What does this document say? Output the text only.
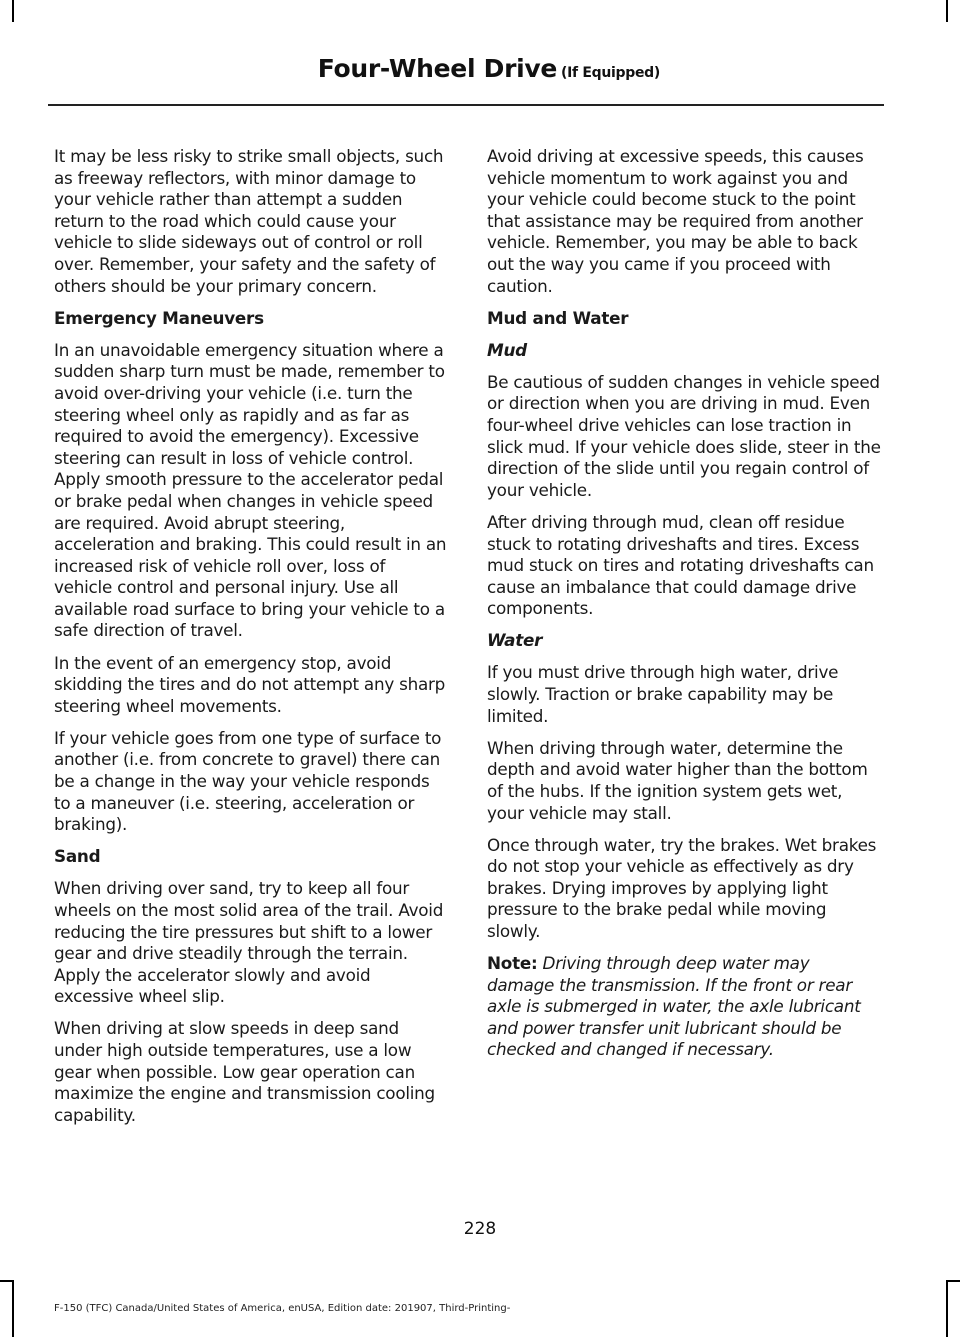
Four-Wheel Drive (If Equipped)

It may be less risky to strike small objects, such as freeway reflectors, with minor damage to your vehicle rather than attempt a sudden return to the road which could cause your vehicle to slide sideways out of control or roll over. Remember, your safety and the safety of others should be your primary concern.

Emergency Maneuvers

In an unavoidable emergency situation where a sudden sharp turn must be made, remember to avoid over-driving your vehicle (i.e. turn the steering wheel only as rapidly and as far as required to avoid the emergency). Excessive steering can result in loss of vehicle control. Apply smooth pressure to the accelerator pedal or brake pedal when changes in vehicle speed are required. Avoid abrupt steering, acceleration and braking. This could result in an increased risk of vehicle roll over, loss of vehicle control and personal injury. Use all available road surface to bring your vehicle to a safe direction of travel.

In the event of an emergency stop, avoid skidding the tires and do not attempt any sharp steering wheel movements.

If your vehicle goes from one type of surface to another (i.e. from concrete to gravel) there can be a change in the way your vehicle responds to a maneuver (i.e. steering, acceleration or braking).

Sand

When driving over sand, try to keep all four wheels on the most solid area of the trail. Avoid reducing the tire pressures but shift to a lower gear and drive steadily through the terrain. Apply the accelerator slowly and avoid excessive wheel slip.

When driving at slow speeds in deep sand under high outside temperatures, use a low gear when possible. Low gear operation can maximize the engine and transmission cooling capability.

Avoid driving at excessive speeds, this causes vehicle momentum to work against you and your vehicle could become stuck to the point that assistance may be required from another vehicle. Remember, you may be able to back out the way you came if you proceed with caution.

Mud and Water
Mud

Be cautious of sudden changes in vehicle speed or direction when you are driving in mud. Even four-wheel drive vehicles can lose traction in slick mud. If your vehicle does slide, steer in the direction of the slide until you regain control of your vehicle.

After driving through mud, clean off residue stuck to rotating driveshafts and tires. Excess mud stuck on tires and rotating driveshafts can cause an imbalance that could damage drive components.

Water

If you must drive through high water, drive slowly. Traction or brake capability may be limited.

When driving through water, determine the depth and avoid water higher than the bottom of the hubs. If the ignition system gets wet, your vehicle may stall.

Once through water, try the brakes. Wet brakes do not stop your vehicle as effectively as dry brakes. Drying improves by applying light pressure to the brake pedal while moving slowly.

Note: Driving through deep water may damage the transmission. If the front or rear axle is submerged in water, the axle lubricant and power transfer unit lubricant should be checked and changed if necessary.

228
F-150 (TFC) Canada/United States of America, enUSA, Edition date: 201907, Third-Printing-
